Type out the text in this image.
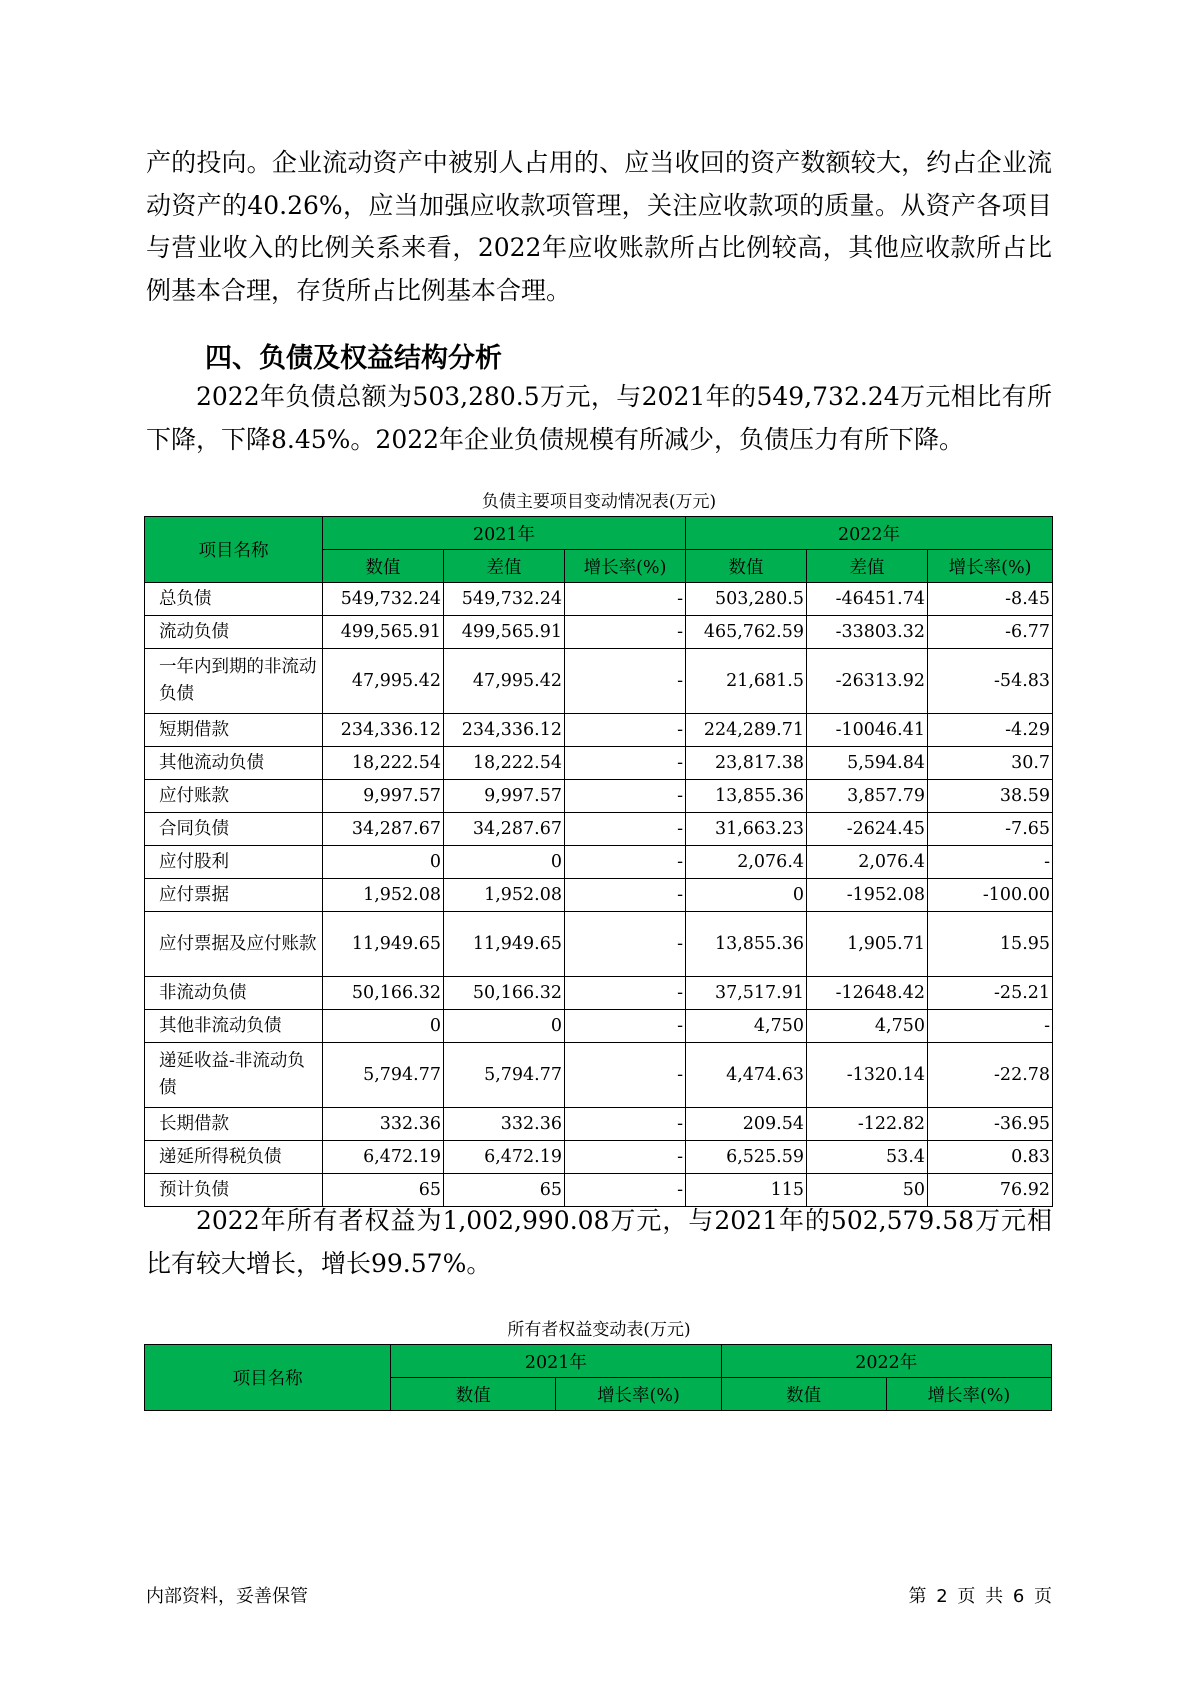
产的投向。企业流动资产中被别人占用的、应当收回的资产数额较大，约占企业流动资产的40.26%，应当加强应收款项管理，关注应收款项的质量。从资产各项目与营业收入的比例关系来看，2022年应收账款所占比例较高，其他应收款所占比例基本合理，存货所占比例基本合理。

四、负债及权益结构分析

2022年负债总额为503,280.5万元，与2021年的549,732.24万元相比有所下降，下降8.45%。2022年企业负债规模有所减少，负债压力有所下降。

负债主要项目变动情况表(万元)

项目名称	2021年			2022年		
	数值	差值	增长率(%)	数值	差值	增长率(%)
总负债	549,732.24	549,732.24	-	503,280.5	-46451.74	-8.45
流动负债	499,565.91	499,565.91	-	465,762.59	-33803.32	-6.77
一年内到期的非流动负债	47,995.42	47,995.42	-	21,681.5	-26313.92	-54.83
短期借款	234,336.12	234,336.12	-	224,289.71	-10046.41	-4.29
其他流动负债	18,222.54	18,222.54	-	23,817.38	5,594.84	30.7
应付账款	9,997.57	9,997.57	-	13,855.36	3,857.79	38.59
合同负债	34,287.67	34,287.67	-	31,663.23	-2624.45	-7.65
应付股利	0	0	-	2,076.4	2,076.4	-
应付票据	1,952.08	1,952.08	-	0	-1952.08	-100.00
应付票据及应付账款	11,949.65	11,949.65	-	13,855.36	1,905.71	15.95
非流动负债	50,166.32	50,166.32	-	37,517.91	-12648.42	-25.21
其他非流动负债	0	0	-	4,750	4,750	-
递延收益-非流动负债	5,794.77	5,794.77	-	4,474.63	-1320.14	-22.78
长期借款	332.36	332.36	-	209.54	-122.82	-36.95
递延所得税负债	6,472.19	6,472.19	-	6,525.59	53.4	0.83
预计负债	65	65	-	115	50	76.92

2022年所有者权益为1,002,990.08万元，与2021年的502,579.58万元相比有较大增长，增长99.57%。

所有者权益变动表(万元)

项目名称	2021年		2022年	
	数值	增长率(%)	数值	增长率(%)

内部资料，妥善保管	第 2 页 共 6 页
